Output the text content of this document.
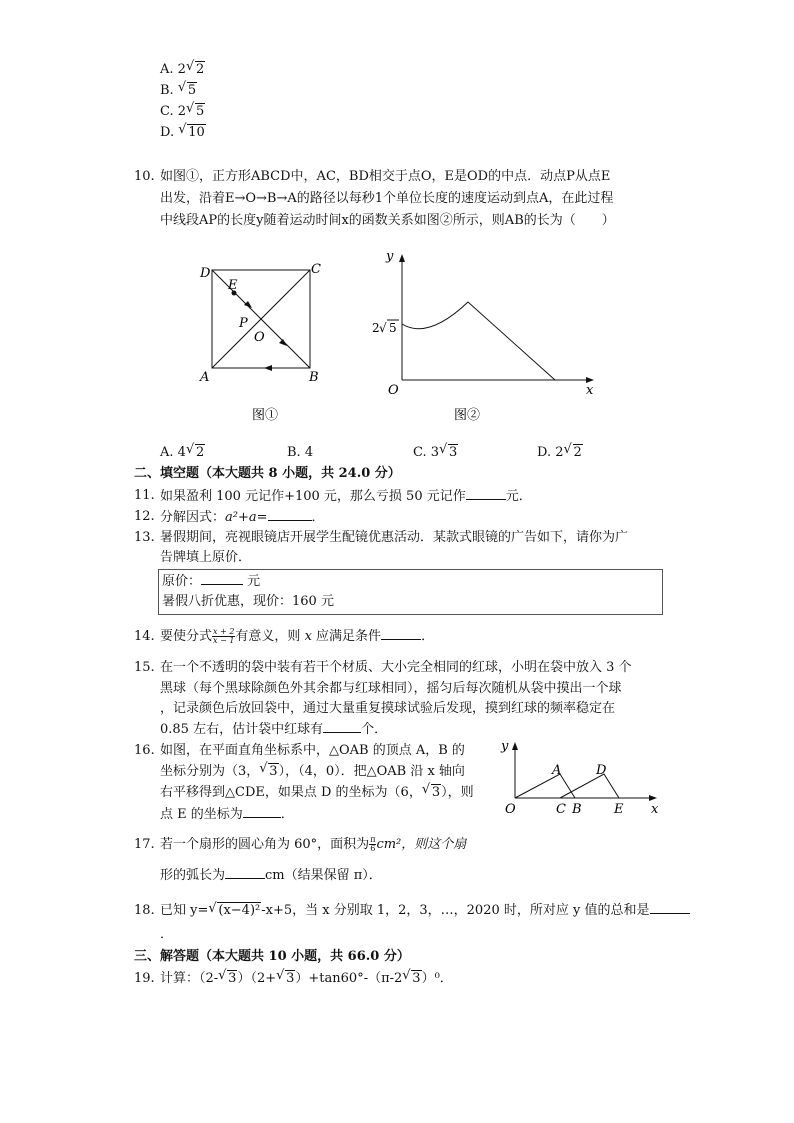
A. 2 √ 2
B. √ 5
C. 2 √ 5
D. √ 10
10. 如图①，正方形ABCD中，AC，BD相交于点O，E是OD的中点．动点P从点E
出发，沿着E→O→B→A的路径以每秒1个单位长度的速度运动到点A，在此过程
中线段AP的长度y随着运动时间x的函数关系如图②所示，则AB的长为（　　）
D	C
A	B
E
P
O
图①
y
x
O
2 √ 5
图②
A. 4 √ 2	B. 4	C. 3 √ 3	D. 2 √ 2
二、填空题（本大题共 8 小题，共 24.0 分）
11. 如果盈利 100 元记作+100 元，那么亏损 50 元记作	元．
12. 分解因式：a²+a=	．
13. 暑假期间，亮视眼镜店开展学生配镜优惠活动．某款式眼镜的广告如下，请你为广
告牌填上原价．
原价：	元
暑假八折优惠，现价：160 元
14. 要使分式 $\frac{x + 2}{x - 1}$ 有意义，则 x 应满足条件	．
15. 在一个不透明的袋中装有若干个材质、大小完全相同的红球，小明在袋中放入 3 个
黑球（每个黑球除颜色外其余都与红球相同），摇匀后每次随机从袋中摸出一个球
，记录颜色后放回袋中，通过大量重复摸球试验后发现，摸到红球的频率稳定在
0.85 左右，估计袋中红球有	个．
16. 如图，在平面直角坐标系中，△OAB 的顶点 A，B 的
坐标分别为（3， √ 3），（4，0）．把△OAB 沿 x 轴向
右平移得到△CDE，如果点 D 的坐标为（6， √ 3），则
点 E 的坐标为	．
y
x
O
A	D
C B E
17. 若一个扇形的圆心角为 60°，面积为 $\frac{\pi}{6} cm^2$，则这个扇
形的弧长为	cm（结果保留 π）．
18. 已知 y= √ (x−4)²-x+5，当 x 分别取 1，2，3，…，2020 时，所对应 y 值的总和是
．
三、解答题（本大题共 10 小题，共 66.0 分）
19. 计算：（2- √ 3）（2+ √ 3）+tan60°-（π-2 √ 3）⁰．
